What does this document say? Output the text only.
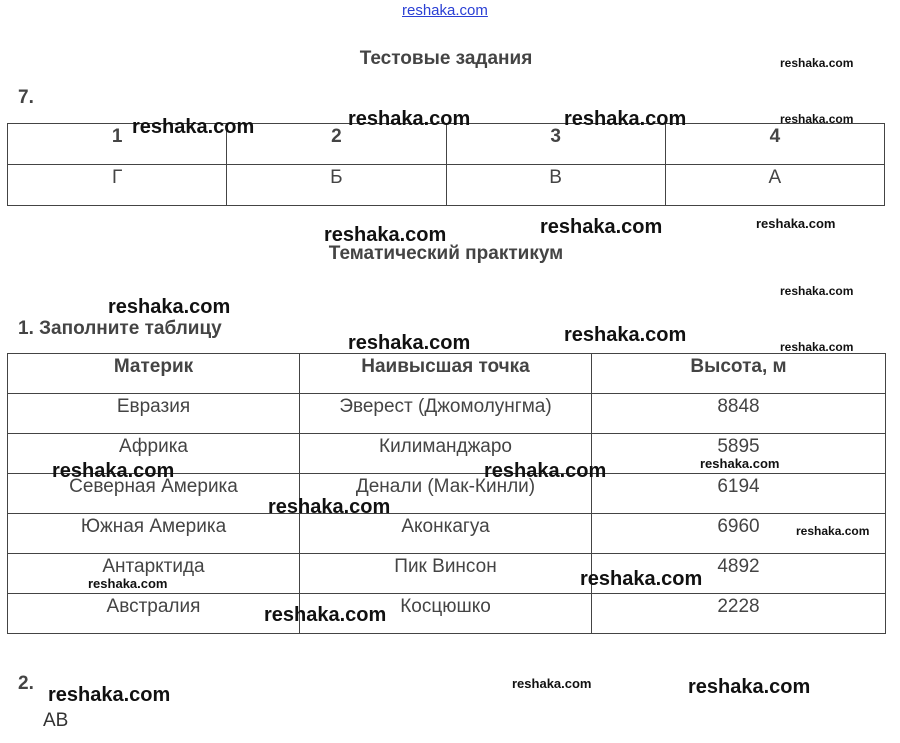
reshaka.com
Тестовые задания
7.
1	2	3	4
Г	Б	В	А
Тематический практикум
1. Заполните таблицу
Материк	Наивысшая точка	Высота, м
Евразия	Эверест (Джомолунгма)	8848
Африка	Килиманджаро	5895
Северная Америка	Денали (Мак-Кинли)	6194
Южная Америка	Аконкагуа	6960
Антарктида	Пик Винсон	4892
Австралия	Косцюшко	2228
2.
АВ
reshaka.com	reshaka.com	reshaka.com
reshaka.com
reshaka.com
reshaka.com	reshaka.com
reshaka.com
reshaka.com
reshaka.com
reshaka.com
reshaka.com	reshaka.com
reshaka.com	reshaka.com	reshaka.com
reshaka.com
reshaka.com
reshaka.com
reshaka.com
reshaka.com
reshaka.com	reshaka.com
reshaka.com
